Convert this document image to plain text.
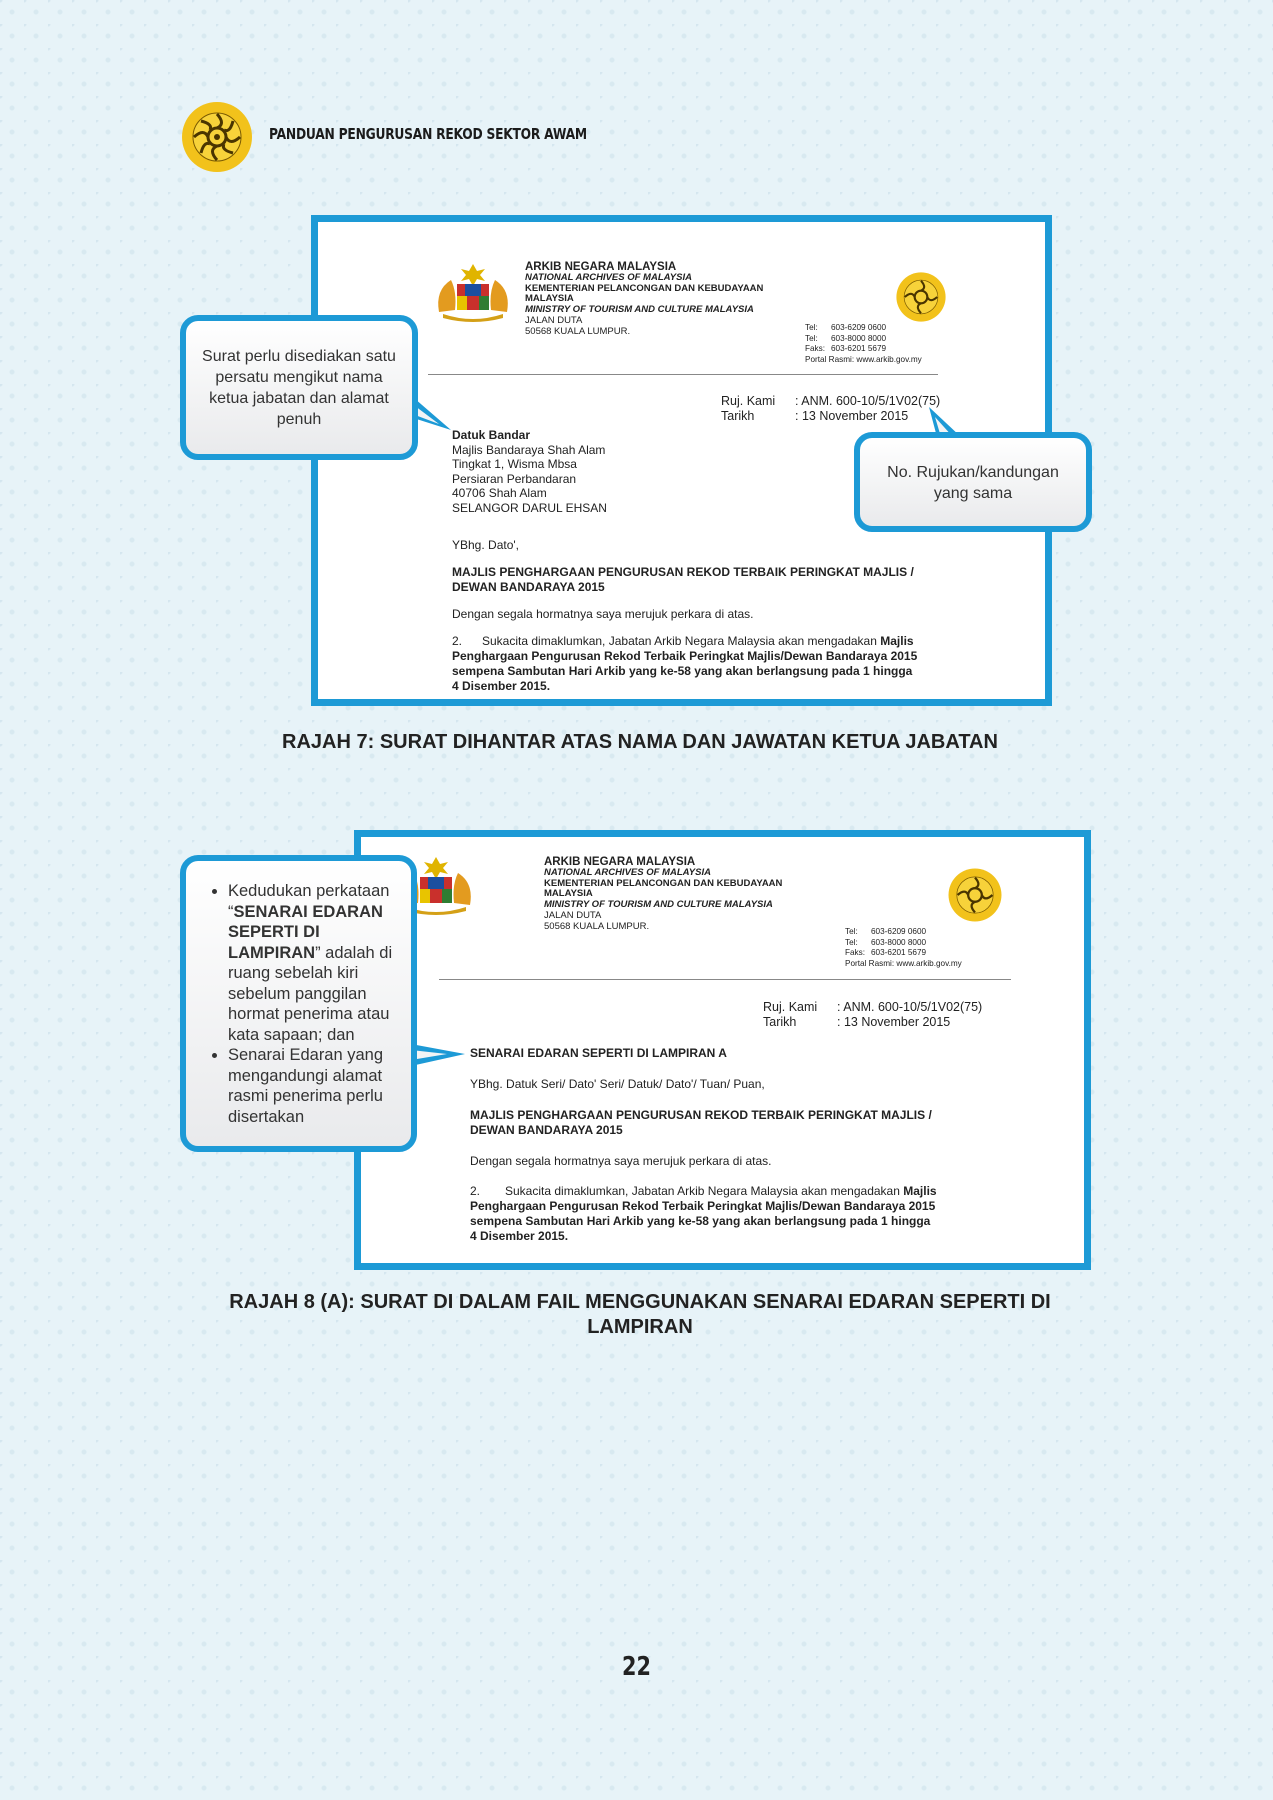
PANDUAN PENGURUSAN REKOD SEKTOR AWAM
ARKIB NEGARA MALAYSIA
NATIONAL ARCHIVES OF MALAYSIA
KEMENTERIAN PELANCONGAN DAN KEBUDAYAAN
MALAYSIA
MINISTRY OF TOURISM AND CULTURE MALAYSIA
JALAN DUTA
50568 KUALA LUMPUR.	Tel: 603-6209 0600
Tel: 603-8000 8000
Faks: 603-6201 5679
Portal Rasmi: www.arkib.gov.my
Ruj. Kami : ANM. 600-10/5/1V02(75)
Tarikh	: 13 November 2015
Datuk Bandar
Majlis Bandaraya Shah Alam
Tingkat 1, Wisma Mbsa
Persiaran Perbandaran
40706 Shah Alam
SELANGOR DARUL EHSAN
YBhg. Dato',
MAJLIS PENGHARGAAN PENGURUSAN REKOD TERBAIK PERINGKAT MAJLIS /
DEWAN BANDARAYA 2015
Dengan segala hormatnya saya merujuk perkara di atas.
2. Sukacita dimaklumkan, Jabatan Arkib Negara Malaysia akan mengadakan Majlis
Penghargaan Pengurusan Rekod Terbaik Peringkat Majlis/Dewan Bandaraya 2015
sempena Sambutan Hari Arkib yang ke-58 yang akan berlangsung pada 1 hingga
4 Disember 2015.
Surat perlu disediakan satu persatu mengikut nama ketua jabatan dan alamat penuh
No. Rujukan/kandungan yang sama
RAJAH 7: SURAT DIHANTAR ATAS NAMA DAN JAWATAN KETUA JABATAN
ARKIB NEGARA MALAYSIA
NATIONAL ARCHIVES OF MALAYSIA
KEMENTERIAN PELANCONGAN DAN KEBUDAYAAN
MALAYSIA
MINISTRY OF TOURISM AND CULTURE MALAYSIA
JALAN DUTA
50568 KUALA LUMPUR.	Tel: 603-6209 0600
Tel: 603-8000 8000
Faks: 603-6201 5679
Portal Rasmi: www.arkib.gov.my
Ruj. Kami : ANM. 600-10/5/1V02(75)
Tarikh	: 13 November 2015
SENARAI EDARAN SEPERTI DI LAMPIRAN A
YBhg. Datuk Seri/ Dato' Seri/ Datuk/ Dato'/ Tuan/ Puan,
MAJLIS PENGHARGAAN PENGURUSAN REKOD TERBAIK PERINGKAT MAJLIS /
DEWAN BANDARAYA 2015
Dengan segala hormatnya saya merujuk perkara di atas.
2. Sukacita dimaklumkan, Jabatan Arkib Negara Malaysia akan mengadakan Majlis
Penghargaan Pengurusan Rekod Terbaik Peringkat Majlis/Dewan Bandaraya 2015
sempena Sambutan Hari Arkib yang ke-58 yang akan berlangsung pada 1 hingga
4 Disember 2015.
• Kedudukan perkataan “SENARAI EDARAN SEPERTI DI LAMPIRAN” adalah di ruang sebelah kiri sebelum panggilan hormat penerima atau kata sapaan; dan
• Senarai Edaran yang mengandungi alamat rasmi penerima perlu disertakan
RAJAH 8 (A): SURAT DI DALAM FAIL MENGGUNAKAN SENARAI EDARAN SEPERTI DI LAMPIRAN
22
